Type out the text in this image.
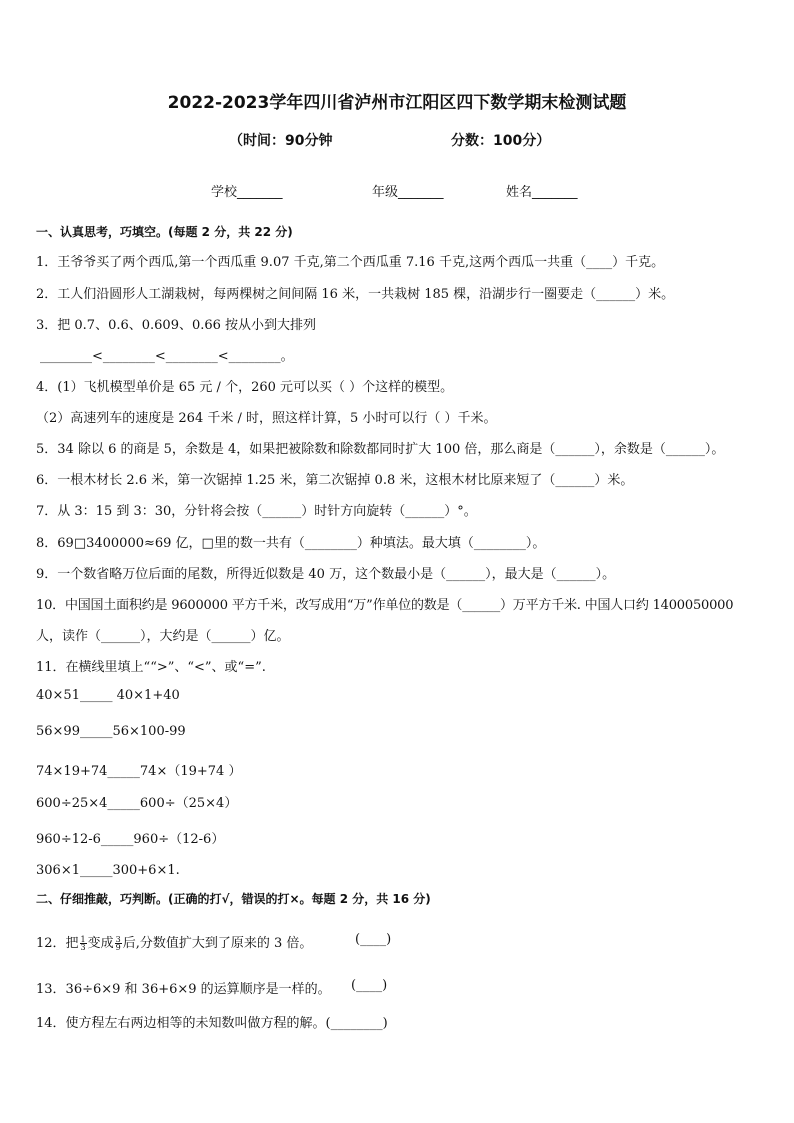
2022-2023学年四川省泸州市江阳区四下数学期末检测试题
（时间：90分钟	分数：100分）
学校_______	年级_______	姓名_______
一、认真思考，巧填空。(每题 2 分，共 22 分)
1．王爷爷买了两个西瓜,第一个西瓜重 9.07 千克,第二个西瓜重 7.16 千克,这两个西瓜一共重（____）千克。
2．工人们沿圆形人工湖栽树，每两棵树之间间隔 16 米，一共栽树 185 棵，沿湖步行一圈要走（______）米。
3．把 0.7、0.6、0.609、0.66 按从小到大排列
________<________<________<________。
4．(1）飞机模型单价是 65 元 / 个，260 元可以买（ ）个这样的模型。
（2）高速列车的速度是 264 千米 / 时，照这样计算，5 小时可以行（ ）千米。
5．34 除以 6 的商是 5，余数是 4，如果把被除数和除数都同时扩大 100 倍，那么商是（______），余数是（______）。
6．一根木材长 2.6 米，第一次锯掉 1.25 米，第二次锯掉 0.8 米，这根木材比原来短了（______）米。
7．从 3：15 到 3：30，分针将会按（______）时针方向旋转（______）°。
8．69□3400000≈69 亿，□里的数一共有（________）种填法。最大填（________）。
9．一个数省略万位后面的尾数，所得近似数是 40 万，这个数最小是（______），最大是（______）。
10．中国国土面积约是 9600000 平方千米，改写成用“万”作单位的数是（______）万平方千米. 中国人口约 1400050000
人，读作（______），大约是（______）亿。
11．在横线里填上““>”、“<”、或“=”.
40×51_____ 40×1+40
56×99_____56×100-99
74×19+74_____74×（19+74 ）
600÷25×4_____600÷（25×4）
960÷12-6_____960÷（12-6）
306×1_____300+6×1.
二、仔细推敲，巧判断。(正确的打√，错误的打×。每题 2 分，共 16 分)
12．把 $\frac{1}{3}$ 变成 $\frac{3}{9}$ 后,分数值扩大到了原来的 3 倍。	(____)
13．36÷6×9 和 36+6×9 的运算顺序是一样的。 (____)
14．使方程左右两边相等的未知数叫做方程的解。(________)
